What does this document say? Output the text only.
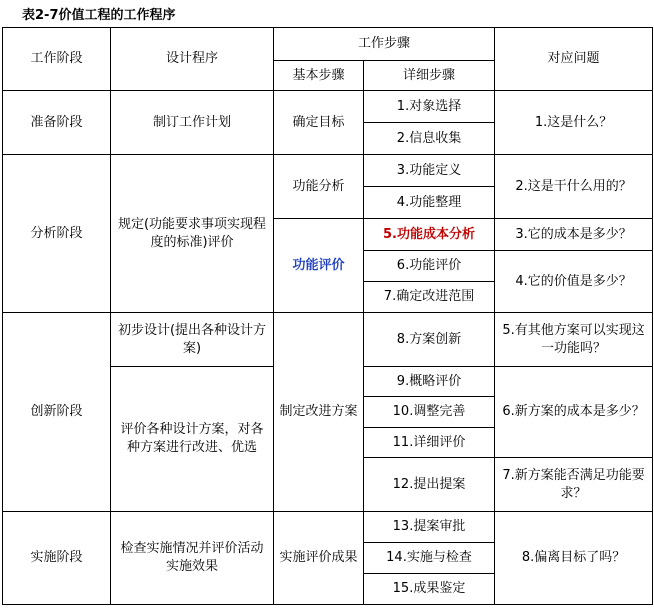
表2-7价值工程的工作程序
工作阶段	设计程序	工作步骤		对应问题
		基本步骤	详细步骤	
准备阶段	制订工作计划	确定目标	1.对象选择	1.这是什么？
			2.信息收集	
分析阶段	规定(功能要求事项实现程度的标准)评价	功能分析	3.功能定义	2.这是干什么用的？
			4.功能整理	
		功能评价	5.功能成本分析	3.它的成本是多少？
			6.功能评价	4.它的价值是多少？
			7.确定改进范围	
创新阶段	初步设计(提出各种设计方案)	制定改进方案	8.方案创新	5.有其他方案可以实现这一功能吗？
	评价各种设计方案，对各种方案进行改进、优选		9.概略评价	6.新方案的成本是多少？
			10.调整完善	
			11.详细评价	
			12.提出提案	7.新方案能否满足功能要求？
实施阶段	检查实施情况并评价活动实施效果	实施评价成果	13.提案审批	8.偏离目标了吗？
			14.实施与检查	
			15.成果鉴定	
